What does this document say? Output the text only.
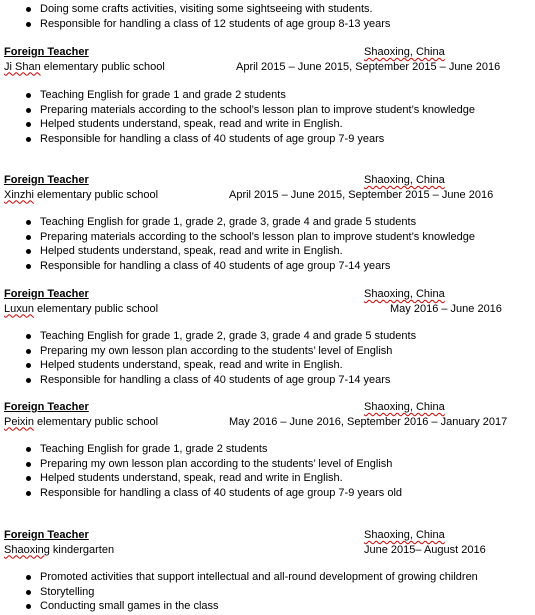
Doing some crafts activities, visiting some sightseeing with students.
Responsible for handling a class of 12 students of age group 8-13 years
Foreign Teacher	Shaoxing, China
Ji Shan elementary public school	April 2015 – June 2015, September 2015 – June 2016
Teaching English for grade 1 and grade 2 students
Preparing materials according to the school’s lesson plan to improve student’s knowledge
Helped students understand, speak, read and write in English.
Responsible for handling a class of 40 students of age group 7-9 years
Foreign Teacher	Shaoxing, China
Xinzhi elementary public school	April 2015 – June 2015, September 2015 – June 2016
Teaching English for grade 1, grade 2, grade 3, grade 4 and grade 5 students
Preparing materials according to the school’s lesson plan to improve student’s knowledge
Helped students understand, speak, read and write in English.
Responsible for handling a class of 40 students of age group 7-14 years
Foreign Teacher	Shaoxing, China
Luxun elementary public school	May 2016 – June 2016
Teaching English for grade 1, grade 2, grade 3, grade 4 and grade 5 students
Preparing my own lesson plan according to the students’ level of English
Helped students understand, speak, read and write in English.
Responsible for handling a class of 40 students of age group 7-14 years
Foreign Teacher	Shaoxing, China
Peixin elementary public school	May 2016 – June 2016, September 2016 – January 2017
Teaching English for grade 1, grade 2 students
Preparing my own lesson plan according to the students’ level of English
Helped students understand, speak, read and write in English.
Responsible for handling a class of 40 students of age group 7-9 years old
Foreign Teacher	Shaoxing, China
Shaoxing kindergarten	June 2015– August 2016
Promoted activities that support intellectual and all-round development of growing children
Storytelling
Conducting small games in the class
